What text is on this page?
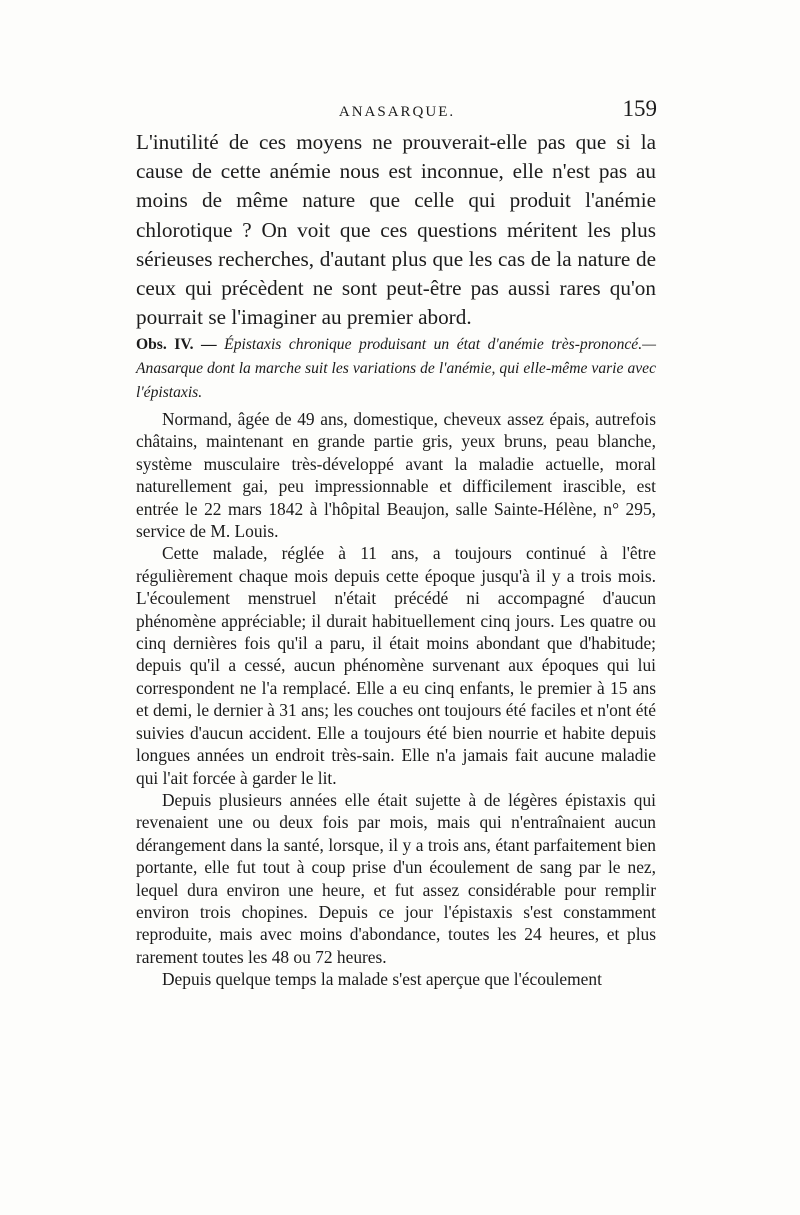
ANASARQUE.	159

L'inutilité de ces moyens ne prouverait-elle pas que si la cause de cette anémie nous est inconnue, elle n'est pas au moins de même nature que celle qui produit l'anémie chlorotique ? On voit que ces questions méritent les plus sérieuses recherches, d'autant plus que les cas de la nature de ceux qui précèdent ne sont peut-être pas aussi rares qu'on pourrait se l'imaginer au premier abord.

Obs. IV. — Épistaxis chronique produisant un état d'anémie très-prononcé.—Anasarque dont la marche suit les variations de l'anémie, qui elle-même varie avec l'épistaxis.

Normand, âgée de 49 ans, domestique, cheveux assez épais, autrefois châtains, maintenant en grande partie gris, yeux bruns, peau blanche, système musculaire très-développé avant la maladie actuelle, moral naturellement gai, peu impressionnable et difficilement irascible, est entrée le 22 mars 1842 à l'hôpital Beaujon, salle Sainte-Hélène, n° 295, service de M. Louis.

Cette malade, réglée à 11 ans, a toujours continué à l'être régulièrement chaque mois depuis cette époque jusqu'à il y a trois mois. L'écoulement menstruel n'était précédé ni accompagné d'aucun phénomène appréciable; il durait habituellement cinq jours. Les quatre ou cinq dernières fois qu'il a paru, il était moins abondant que d'habitude; depuis qu'il a cessé, aucun phénomène survenant aux époques qui lui correspondent ne l'a remplacé. Elle a eu cinq enfants, le premier à 15 ans et demi, le dernier à 31 ans; les couches ont toujours été faciles et n'ont été suivies d'aucun accident. Elle a toujours été bien nourrie et habite depuis longues années un endroit très-sain. Elle n'a jamais fait aucune maladie qui l'ait forcée à garder le lit.

Depuis plusieurs années elle était sujette à de légères épistaxis qui revenaient une ou deux fois par mois, mais qui n'entraînaient aucun dérangement dans la santé, lorsque, il y a trois ans, étant parfaitement bien portante, elle fut tout à coup prise d'un écoulement de sang par le nez, lequel dura environ une heure, et fut assez considérable pour remplir environ trois chopines. Depuis ce jour l'épistaxis s'est constamment reproduite, mais avec moins d'abondance, toutes les 24 heures, et plus rarement toutes les 48 ou 72 heures.

Depuis quelque temps la malade s'est aperçue que l'écoulement
